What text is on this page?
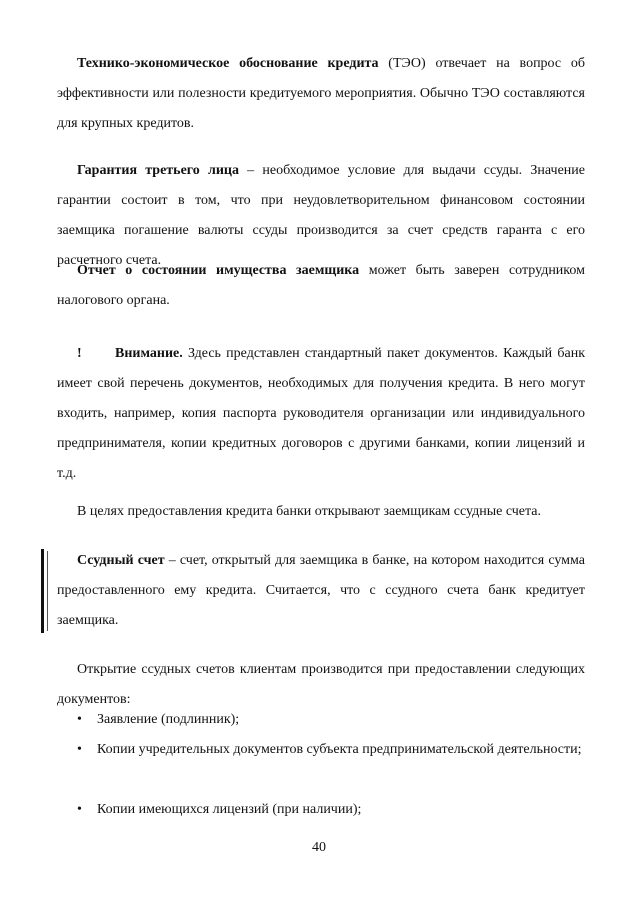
Технико-экономическое обоснование кредита (ТЭО) отвечает на вопрос об эффективности или полезности кредитуемого мероприятия. Обычно ТЭО составляются для крупных кредитов.

Гарантия третьего лица – необходимое условие для выдачи ссуды. Значение гарантии состоит в том, что при неудовлетворительном финансовом состоянии заемщика погашение валюты ссуды производится за счет средств гаранта с его расчетного счета.

Отчет о состоянии имущества заемщика может быть заверен сотрудником налогового органа.

! Внимание. Здесь представлен стандартный пакет документов. Каждый банк имеет свой перечень документов, необходимых для получения кредита. В него могут входить, например, копия паспорта руководителя организации или индивидуального предпринимателя, копии кредитных договоров с другими банками, копии лицензий и т.д.

В целях предоставления кредита банки открывают заемщикам ссудные счета.

Ссудный счет – счет, открытый для заемщика в банке, на котором находится сумма предоставленного ему кредита. Считается, что с ссудного счета банк кредитует заемщика.

Открытие ссудных счетов клиентам производится при предоставлении следующих документов:

• Заявление (подлинник);

• Копии учредительных документов субъекта предпринимательской деятельности;

• Копии имеющихся лицензий (при наличии);

40
